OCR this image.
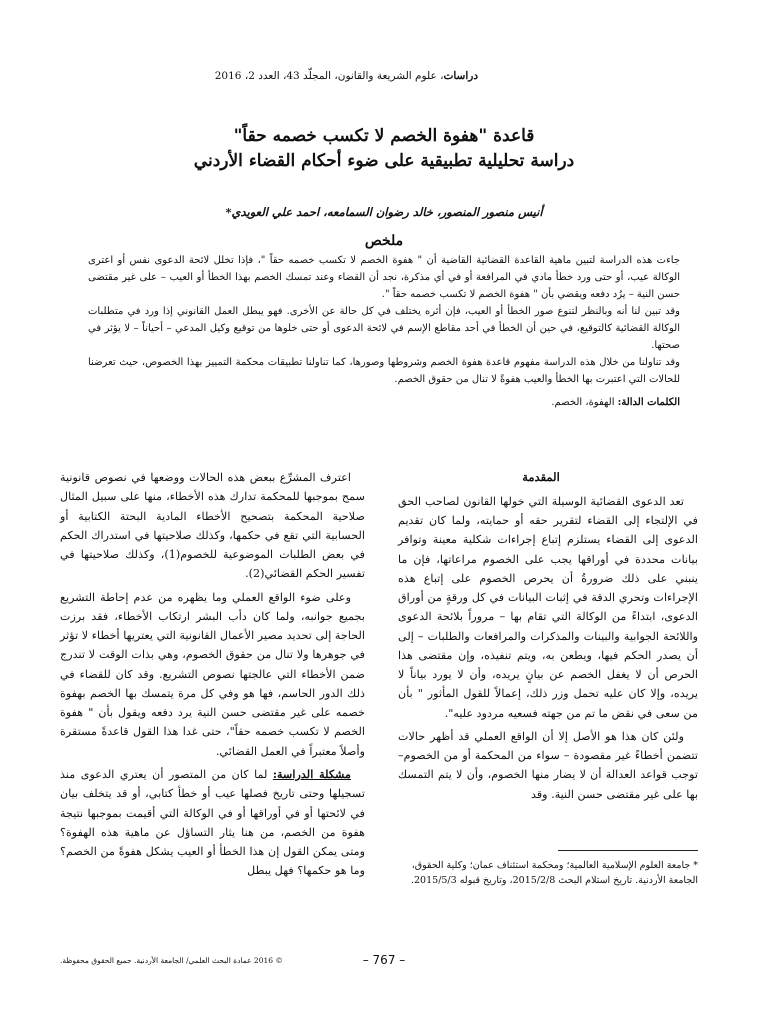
دراسات، علوم الشريعة والقانون، المجلّد 43، العدد 2، 2016

قاعدة "هفوة الخصم لا تكسب خصمه حقاً"

دراسة تحليلية تطبيقية على ضوء أحكام القضاء الأردني

أنيس منصور المنصور، خالد رضوان السمامعه، احمد علي العويدي*
ملخص

جاءت هذه الدراسة لتبين ماهية القاعدة القضائية القاضية أن " هفوة الخصم لا تكسب خصمه حقاً "، فإذا تخلل لائحة الدعوى نفس أو اعترى الوكالة عيب، أو حتى ورد خطأ مادي في المرافعة أو في أي مذكرة، نجد أن القضاء وعند تمسك الخصم بهذا الخطأ أو العيب – على غير مقتضى حسن النية – يرُد دفعه ويقضي بأن " هفوة الخصم لا تكسب خصمه حقاً ".

وقد تبين لنا أنه وبالنظر لتنوع صور الخطأ أو العيب، فإن أثره يختلف في كل حالة عن الأخرى. فهو يبطل العمل القانوني إذا ورد في متطلبات الوكالة القضائية كالتوقيع، في حين أن الخطأ في أحد مقاطع الإسم في لائحة الدعوى أو حتى خلوها من توقيع وكيل المدعي – أحياناً – لا يؤثر في صحتها.

وقد تناولنا من خلال هذه الدراسة مفهوم قاعدة هفوة الخصم وشروطها وصورها، كما تناولنا تطبيقات محكمة التمييز بهذا الخصوص، حيث تعرضنا للحالات التي اعتبرت بها الخطأ والعيب هفوةً لا تنال من حقوق الخصم.

الكلمات الدالة: الهفوة، الخصم.

المقدمة

تعد الدعوى القضائية الوسيلة التي خولها القانون لصاحب الحق في الإلتجاء إلى القضاء لتقرير حقه أو حمايته، ولما كان تقديم الدعوى إلى القضاء يستلزم إتباع إجراءات شكلية معينة وتوافر بيانات محددة في أوراقها يجب على الخصوم مراعاتها، فإن ما ينبني على ذلك ضرورةُ أن يحرص الخصوم على إتباع هذه الإجراءات وتحري الدقة في إثبات البيانات في كل ورقةٍ من أوراق الدعوى، ابتداءً من الوكالة التي تقام بها – مروراً بلائحة الدعوى واللائحة الجوابية والبينات والمذكرات والمرافعات والطلبات – إلى أن يصدر الحكم فيها، ويطعن به، ويتم تنفيذه، وإن مقتضى هذا الحرص أن لا يغفل الخصم عن بيانٍ يريده، وأن لا يورد بياناً لا يريده، وإلا كان عليه تحمل وزر ذلك، إعمالاً للقول المأثور " بأن من سعى في نقض ما تم من جهته فسعيه مردود عليه".

ولئن كان هذا هو الأصل إلا أن الواقع العملي قد أظهر حالات تتضمن أخطاءً غير مقصودة – سواء من المحكمة أو من الخصوم– توجب قواعد العدالة أن لا يضار منها الخصوم، وأن لا يتم التمسك بها على غير مقتضى حسن النية. وقد

اعترف المشرِّع ببعض هذه الحالات ووضعها في نصوص قانونية سمح بموجبها للمحكمة تدارك هذه الأخطاء، منها على سبيل المثال صلاحية المحكمة بتصحيح الأخطاء المادية البحتة الكتابية أو الحسابية التي تقع في حكمها، وكذلك صلاحيتها في استدراك الحكم في بعض الطلبات الموضوعية للخصوم(1)، وكذلك صلاحيتها في تفسير الحكم القضائي(2).

وعلى ضوء الواقع العملي وما يظهره من عدم إحاطة التشريع بجميع جوانبه، ولما كان دأب البشر ارتكاب الأخطاء، فقد برزت الحاجة إلى تحديد مصير الأعمال القانونية التي يعتريها أخطاء لا تؤثر في جوهرها ولا تنال من حقوق الخصوم، وهي بذات الوقت لا تندرج ضمن الأخطاء التي عالجتها نصوص التشريع. وقد كان للقضاء في ذلك الدور الحاسم، فها هو وفي كل مرة يتمسك بها الخصم بهفوة خصمه على غير مقتضى حسن النية يرد دفعه ويقول بأن " هفوة الخصم لا تكسب خصمه حقاً"، حتى غدا هذا القول قاعدةً مستقرة وأصلاً معتبراً في العمل القضائي.

مشكلة الدراسة: لما كان من المتصور أن يعتري الدعوى منذ تسجيلها وحتى تاريخ فصلها عيب أو خطأ كتابي، أو قد يتخلف بيان في لائحتها أو في أوراقها أو في الوكالة التي أقيمت بموجبها نتيجة هفوة من الخصم، من هنا يثار التساؤل عن ماهية هذه الهفوة؟ ومتى يمكن القول إن هذا الخطأ أو العيب يشكل هفوةً من الخصم؟ وما هو حكمها؟ فهل يبطل	* جامعة العلوم الإسلامية العالمية؛ ومحكمة استئناف عمان؛ وكلية الحقوق، الجامعة الأردنية. تاريخ استلام البحث 2015/2/8، وتاريخ قبوله 2015/5/3.
– 767 –
© 2016 عمادة البحث العلمي/ الجامعة الأردنية. جميع الحقوق محفوظة.
